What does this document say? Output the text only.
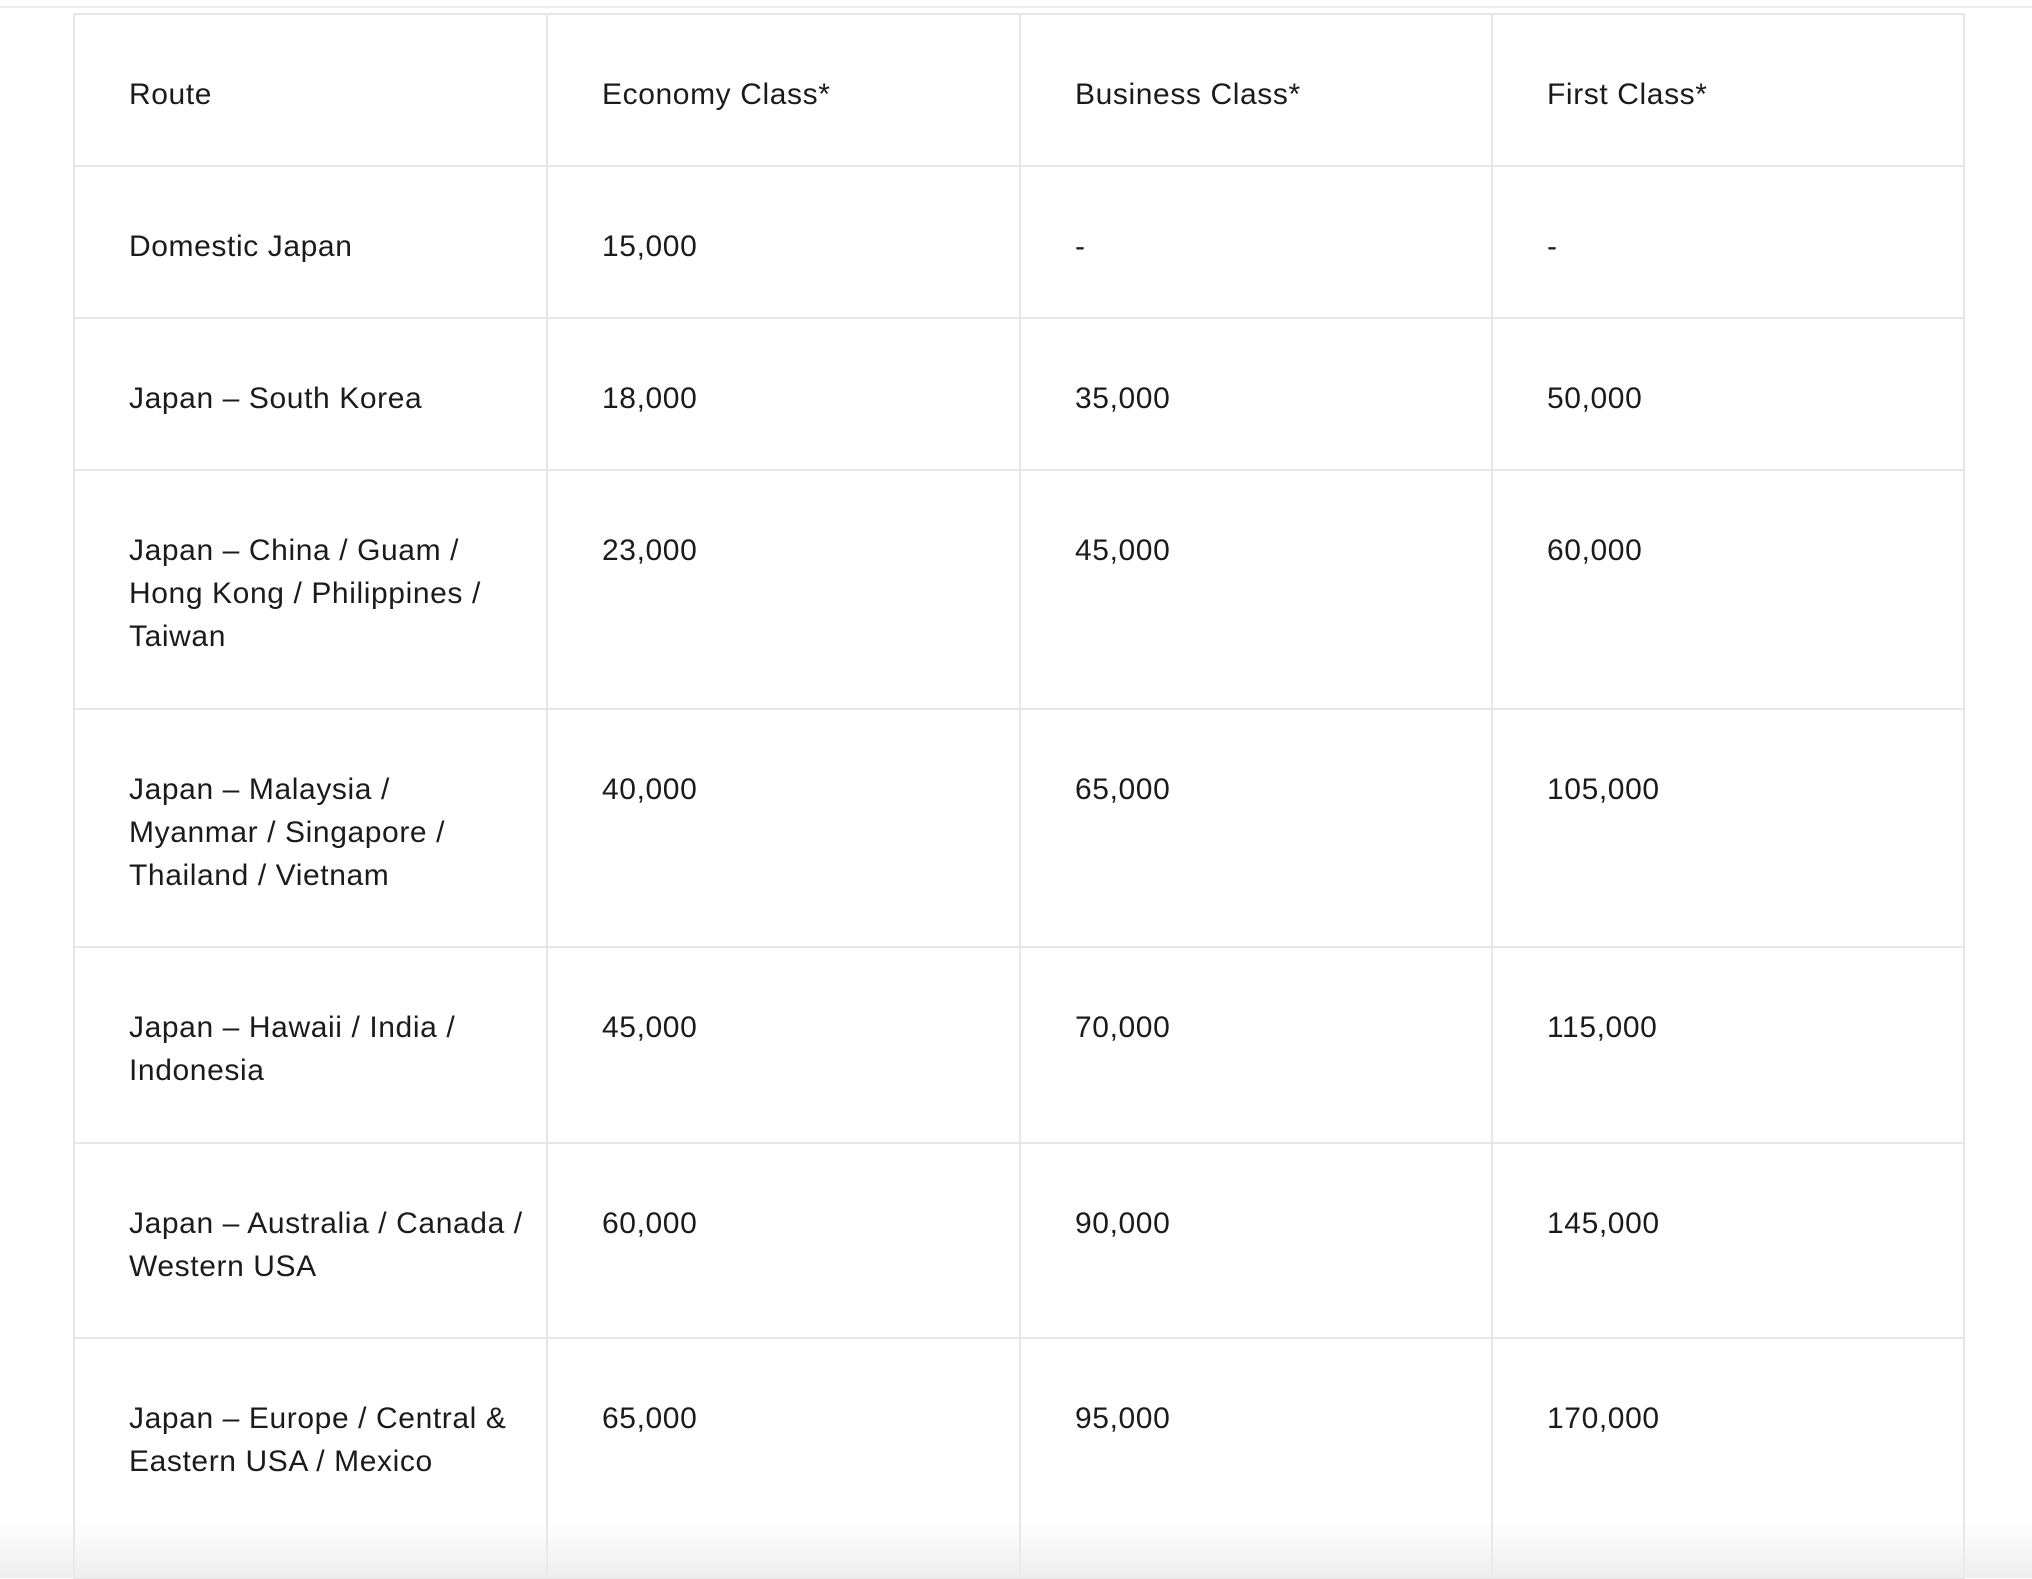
Route	Economy Class*	Business Class*	First Class*
Domestic Japan	15,000	-	-
Japan – South Korea	18,000	35,000	50,000
Japan – China / Guam / Hong Kong / Philippines / Taiwan	23,000	45,000	60,000
Japan – Malaysia / Myanmar / Singapore / Thailand / Vietnam	40,000	65,000	105,000
Japan – Hawaii / India / Indonesia	45,000	70,000	115,000
Japan – Australia / Canada / Western USA	60,000	90,000	145,000
Japan – Europe / Central & Eastern USA / Mexico	65,000	95,000	170,000
